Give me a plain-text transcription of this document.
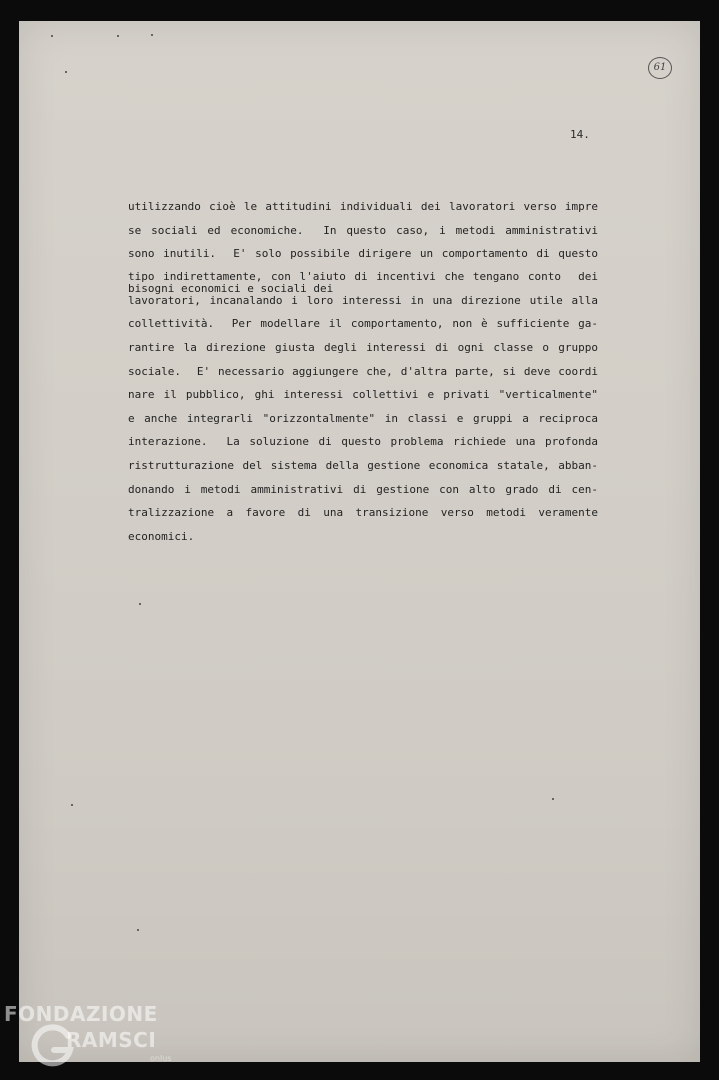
61
14.
utilizzando cioè le attitudini individuali dei lavoratori verso impre
se sociali ed economiche.  In questo caso, i metodi amministrativi
sono inutili.  E' solo possibile dirigere un comportamento di questo
tipo indirettamente, con l'aiuto di incentivi che tengano conto  dei
bisogni economici e sociali dei
lavoratori, incanalando i loro interessi in una direzione utile alla
collettività.  Per modellare il comportamento, non è sufficiente ga-
rantire la direzione giusta degli interessi di ogni classe o gruppo
sociale.  E' necessario aggiungere che, d'altra parte, si deve coordi
nare il pubblico, ghi interessi collettivi e privati "verticalmente"
e anche integrarli "orizzontalmente" in classi e gruppi a reciproca
interazione.  La soluzione di questo problema richiede una profonda
ristrutturazione del sistema della gestione economica statale, abban-
donando i metodi amministrativi di gestione con alto grado di cen-
tralizzazione a favore di una transizione verso metodi veramente
economici.
FONDAZIONE
RAMSCI
onlus
